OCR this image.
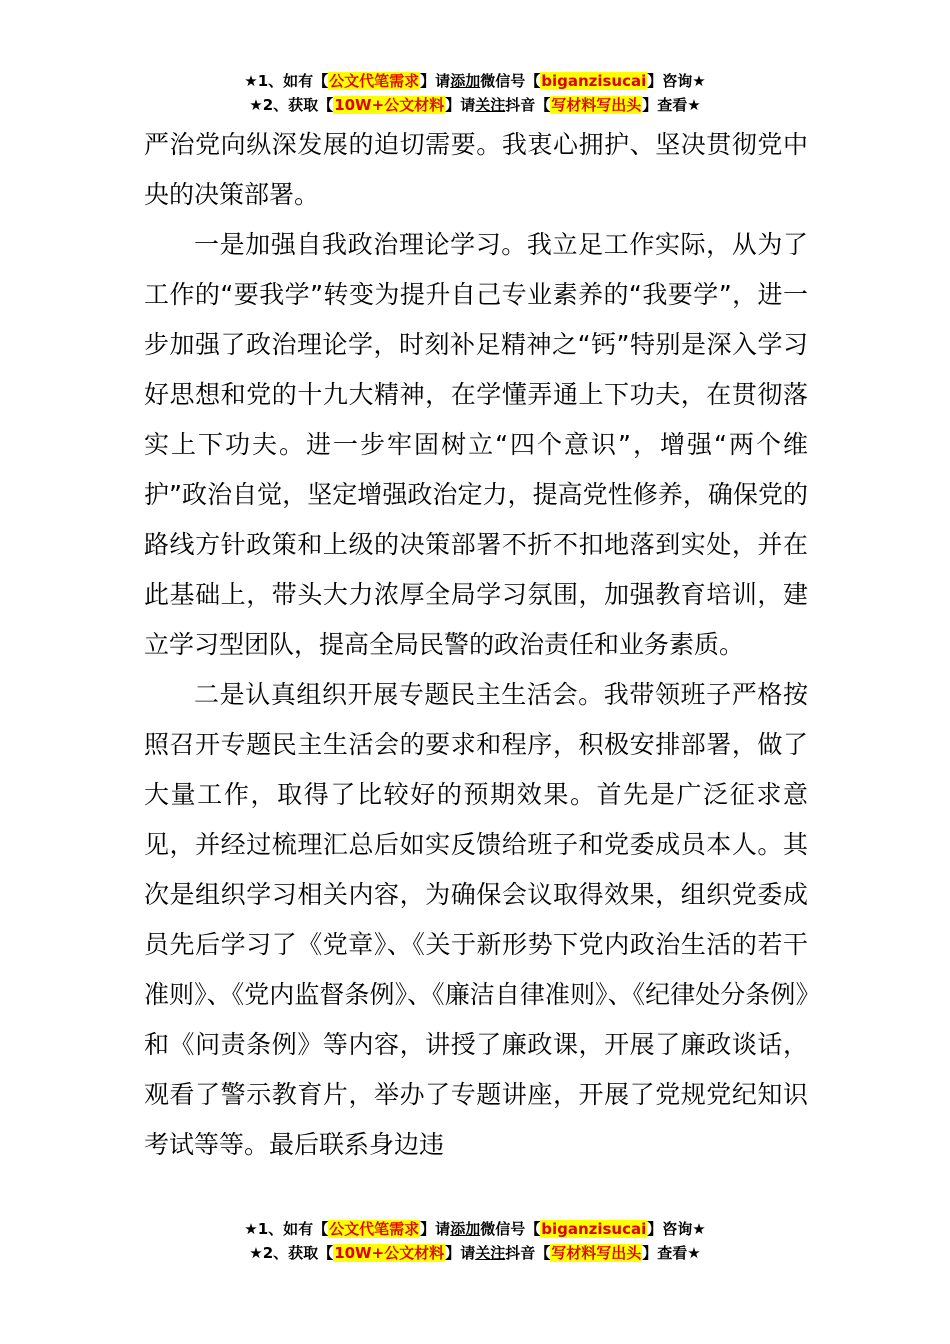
★1、如有【公文代笔需求】请添加微信号【biganzisucai】咨询★
★2、获取【10W+公文材料】请关注抖音【写材料写出头】查看★

严治党向纵深发展的迫切需要。我衷心拥护、坚决贯彻党中央的决策部署。

一是加强自我政治理论学习。我立足工作实际，从为了工作的“要我学”转变为提升自己专业素养的“我要学”，进一步加强了政治理论学，时刻补足精神之“钙”特别是深入学习好思想和党的十九大精神，在学懂弄通上下功夫，在贯彻落实上下功夫。进一步牢固树立“四个意识”，增强“两个维护”政治自觉，坚定增强政治定力，提高党性修养，确保党的路线方针政策和上级的决策部署不折不扣地落到实处，并在此基础上，带头大力浓厚全局学习氛围，加强教育培训，建立学习型团队，提高全局民警的政治责任和业务素质。

二是认真组织开展专题民主生活会。我带领班子严格按照召开专题民主生活会的要求和程序，积极安排部署，做了大量工作，取得了比较好的预期效果。首先是广泛征求意见，并经过梳理汇总后如实反馈给班子和党委成员本人。其次是组织学习相关内容，为确保会议取得效果，组织党委成员先后学习了《党章》、《关于新形势下党内政治生活的若干准则》、《党内监督条例》、《廉洁自律准则》、《纪律处分条例》和《问责条例》等内容，讲授了廉政课，开展了廉政谈话，观看了警示教育片，举办了专题讲座，开展了党规党纪知识考试等等。最后联系身边违

★1、如有【公文代笔需求】请添加微信号【biganzisucai】咨询★
★2、获取【10W+公文材料】请关注抖音【写材料写出头】查看★
